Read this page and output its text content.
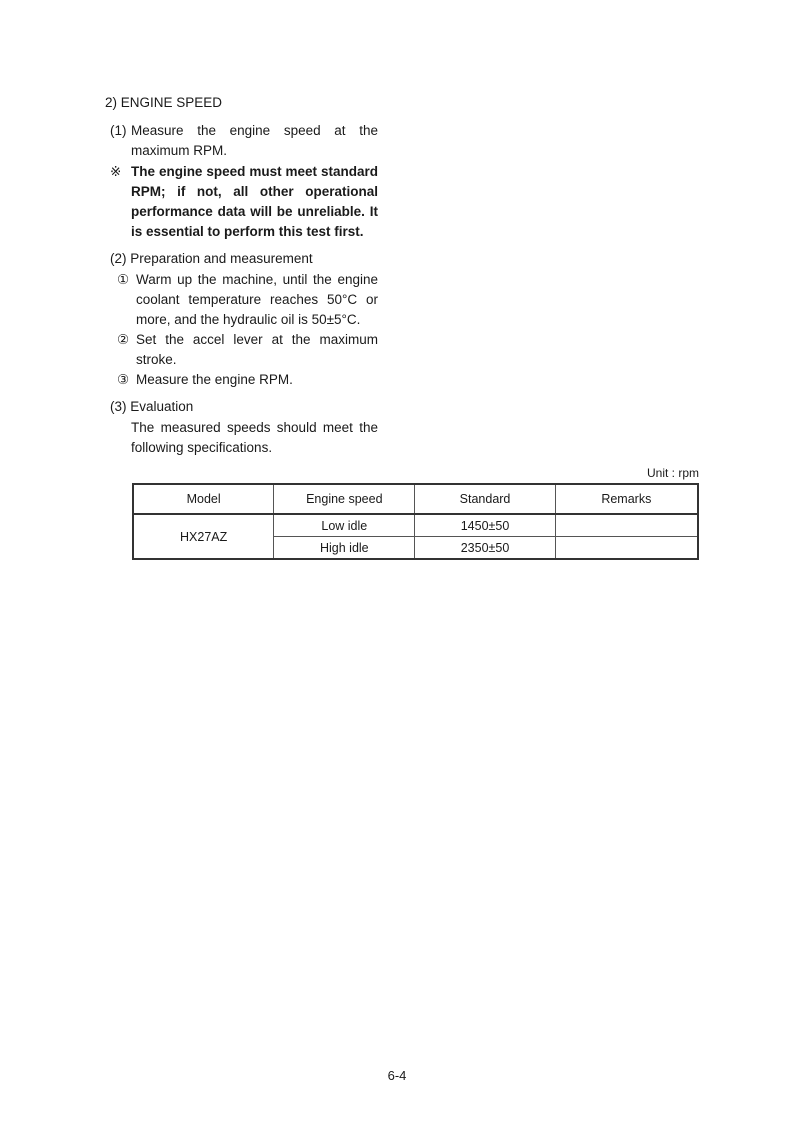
2) ENGINE SPEED
(1) Measure the engine speed at the
maximum RPM.
※ The engine speed must meet standard RPM; if not, all other operational performance data will be unreliable. It is essential to perform this test first.
(2) Preparation and measurement
① Warm up the machine, until the engine coolant temperature reaches 50°C or more, and the hydraulic oil is 50±5°C.
② Set the accel lever at the maximum stroke.
③ Measure the engine RPM.
(3) Evaluation
The measured speeds should meet the following specifications.
Unit : rpm
Model	Engine speed	Standard	Remarks
HX27AZ	Low idle	1450±50	
	High idle	2350±50	
6-4
